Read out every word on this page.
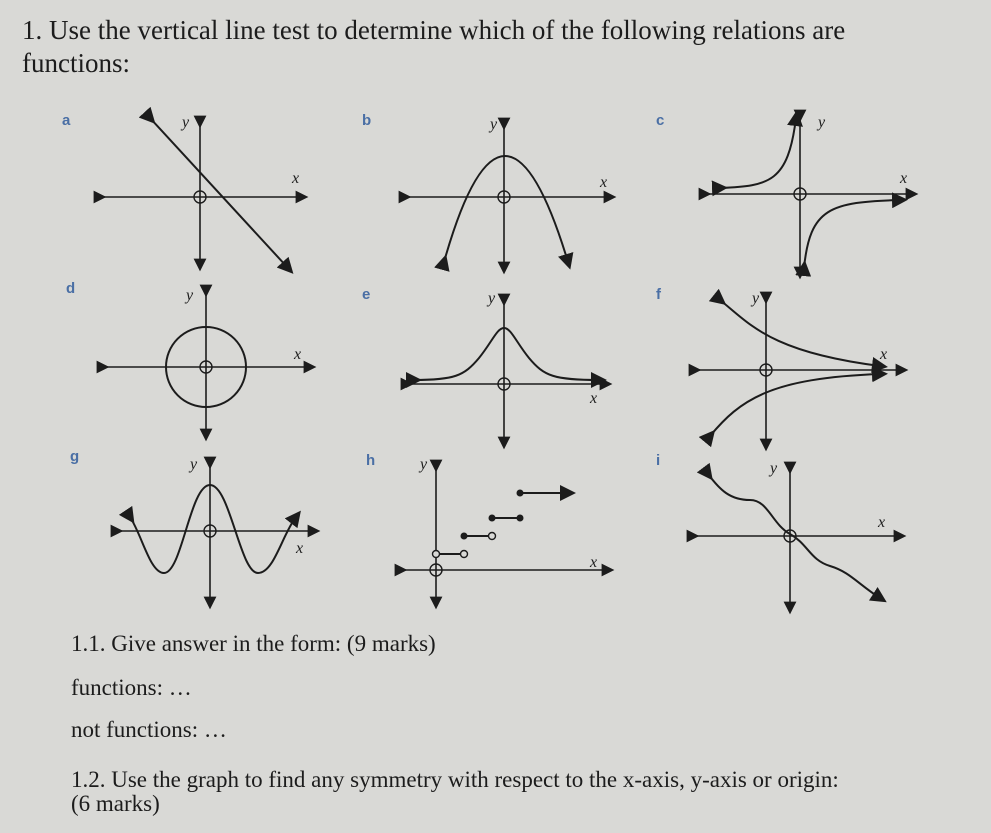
1. Use the vertical line test to determine which of the following relations are functions:

a	b	c
d	e	f
g	h	i
y
x
y
x
y
x
y
x
y
x
y
x
y
x
y
x
y
x

1.1. Give answer in the form: (9 marks)

functions: …

not functions: …

1.2. Use the graph to find any symmetry with respect to the x-axis, y-axis or origin:

(6 marks)
